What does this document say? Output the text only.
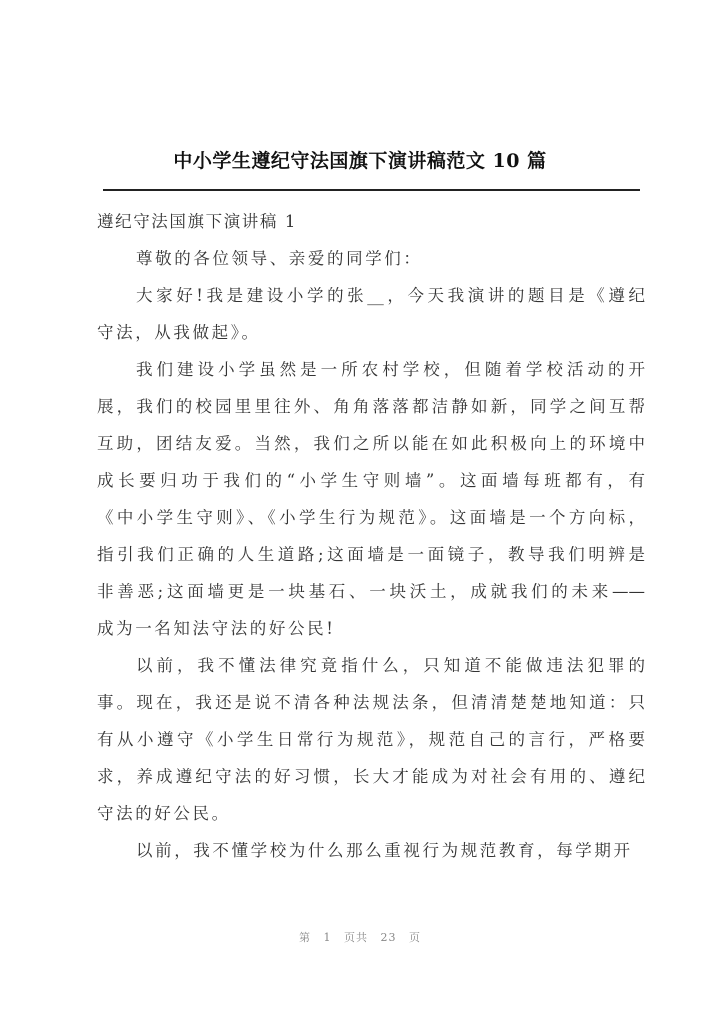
中小学生遵纪守法国旗下演讲稿范文 10 篇
遵纪守法国旗下演讲稿 1
尊敬的各位领导、亲爱的同学们：
大家好!我是建设小学的张__，今天我演讲的题目是《遵纪
守法，从我做起》。
我们建设小学虽然是一所农村学校，但随着学校活动的开
展，我们的校园里里往外、角角落落都洁静如新，同学之间互帮
互助，团结友爱。当然，我们之所以能在如此积极向上的环境中
成长要归功于我们的“小学生守则墙”。这面墙每班都有，有
《中小学生守则》、《小学生行为规范》。这面墙是一个方向标，
指引我们正确的人生道路;这面墙是一面镜子，教导我们明辨是
非善恶;这面墙更是一块基石、一块沃土，成就我们的未来——
成为一名知法守法的好公民!
以前，我不懂法律究竟指什么，只知道不能做违法犯罪的
事。现在，我还是说不清各种法规法条，但清清楚楚地知道：只
有从小遵守《小学生日常行为规范》，规范自己的言行，严格要
求，养成遵纪守法的好习惯，长大才能成为对社会有用的、遵纪
守法的好公民。
以前，我不懂学校为什么那么重视行为规范教育，每学期开
第 1 页共 23 页
